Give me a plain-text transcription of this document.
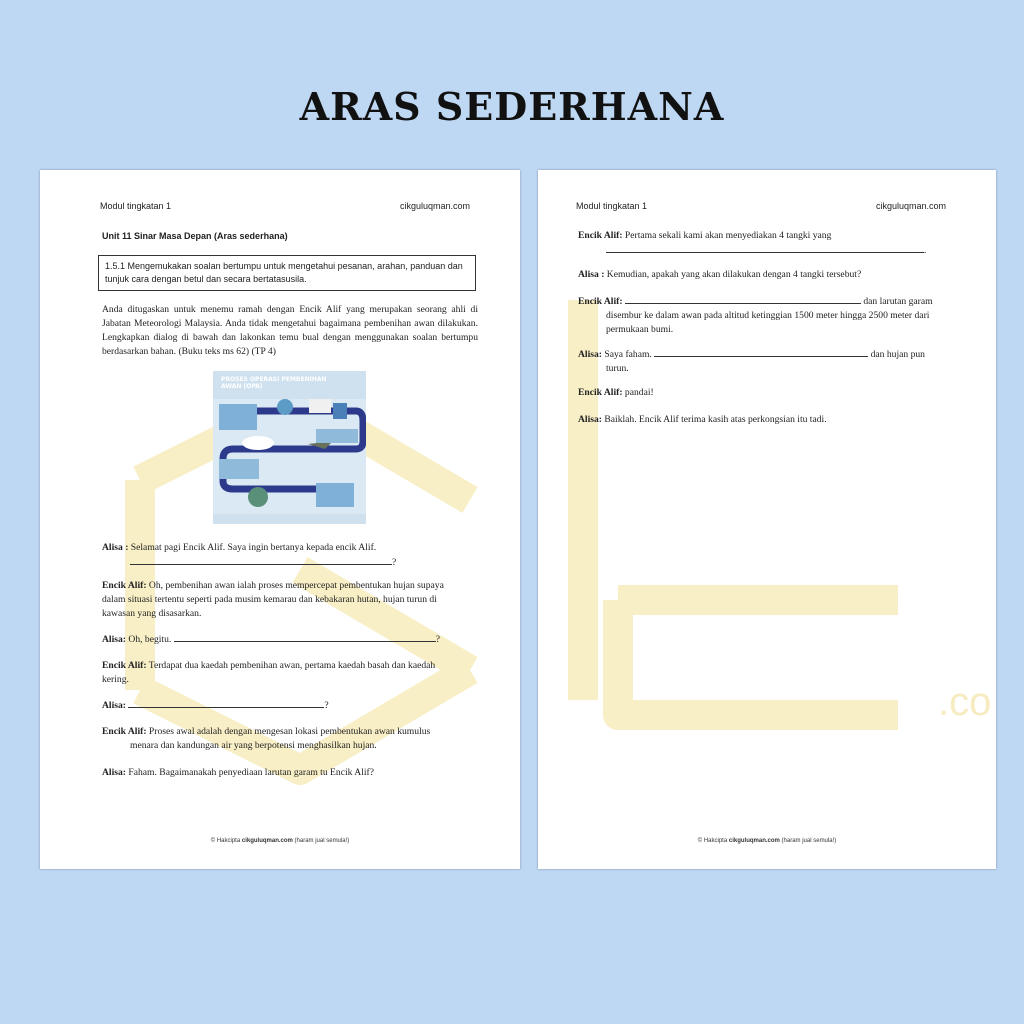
ARAS SEDERHANA
Modul tingkatan 1	cikguluqman.com
Unit 11 Sinar Masa Depan (Aras sederhana)
1.5.1 Mengemukakan soalan bertumpu untuk mengetahui pesanan, arahan, panduan dan tunjuk cara dengan betul dan secara bertatasusila.
Anda ditugaskan untuk menemu ramah dengan Encik Alif yang merupakan seorang ahli di Jabatan Meteorologi Malaysia. Anda tidak mengetahui bagaimana pembenihan awan dilakukan. Lengkapkan dialog di bawah dan lakonkan temu bual dengan menggunakan soalan bertumpu berdasarkan bahan. (Buku teks ms 62) (TP 4)
PROSES OPERASI PEMBENIHAN
AWAN (OPA)
Alisa : Selamat pagi Encik Alif. Saya ingin bertanya kepada encik Alif.

?
Encik Alif: Oh, pembenihan awan ialah proses mempercepat pembentukan hujan supaya dalam situasi tertentu seperti pada musim kemarau dan kebakaran hutan, hujan turun di kawasan yang disasarkan.
Alisa: Oh, begitu.	?
Encik Alif: Terdapat dua kaedah pembenihan awan, pertama kaedah basah dan kaedah kering.
Alisa:	?
Encik Alif: Proses awal adalah dengan mengesan lokasi pembentukan awan kumulus

menara dan kandungan air yang berpotensi menghasilkan hujan.
Alisa: Faham. Bagaimanakah penyediaan larutan garam tu Encik Alif?
© Hakcipta cikguluqman.com (haram jual semula!)
.co
Modul tingkatan 1	cikguluqman.com
Encik Alif: Pertama sekali kami akan menyediakan 4 tangki yang

.
Alisa : Kemudian, apakah yang akan dilakukan dengan 4 tangki tersebut?
Encik Alif:	dan larutan garam

disembur ke dalam awan pada altitud ketinggian 1500 meter hingga 2500 meter dari permukaan bumi.
Alisa: Saya faham.	dan hujan pun

turun.
Encik Alif: pandai!
Alisa: Baiklah. Encik Alif terima kasih atas perkongsian itu tadi.
© Hakcipta cikguluqman.com (haram jual semula!)
